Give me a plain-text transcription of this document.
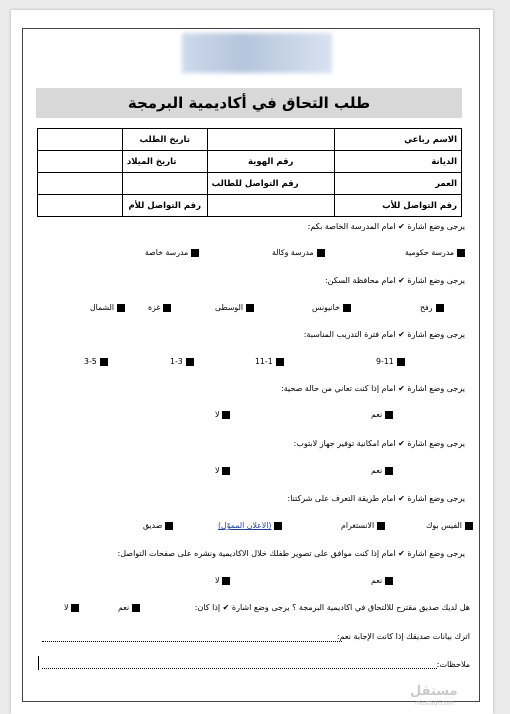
طلب التحاق في أكاديمية البرمجة
الاسم رباعي		تاريخ الطلب	
الديانة	رقم الهوية	تاريخ الميلاد	
العمر	رقم التواصل للطالب		
رقم التواصل للأب		رقم التواصل للأم	
يرجى وضع اشارة ✔ امام المدرسة الخاصة بكم:
مدرسة حكومية
مدرسة وكالة
مدرسة خاصة
يرجى وضع اشارة ✔ امام محافظة السكن:
رفح
خانيونس
الوسطى
غزة
الشمال
يرجى وضع اشارة ✔ امام فترة التدريب المناسبة:
9-11
11-1
1-3
3-5
يرجى وضع اشارة ✔ امام إذا كنت تعاني من حالة صحية:
نعم
لا
يرجى وضع اشارة ✔ امام امكانية توفير جهاز لابتوب:
نعم
لا
يرجى وضع اشارة ✔ امام طريقة التعرف على شركتنا:
الفيس بوك
الانستغرام
(الاعلان المموّل)
صديق
يرجى وضع اشارة ✔ امام إذا كنت موافق على تصوير طفلك خلال الاكاديمية ونشره على صفحات التواصل:
نعم
لا
هل لديك صديق مقترح للالتحاق في اكاديمية البرمجة ؟ يرجى وضع اشارة ✔ إذا كان:
نعم
لا
اترك بيانات صديقك إذا كانت الإجابة نعم:
ملاحظات:
مستقل
mostaql.com
